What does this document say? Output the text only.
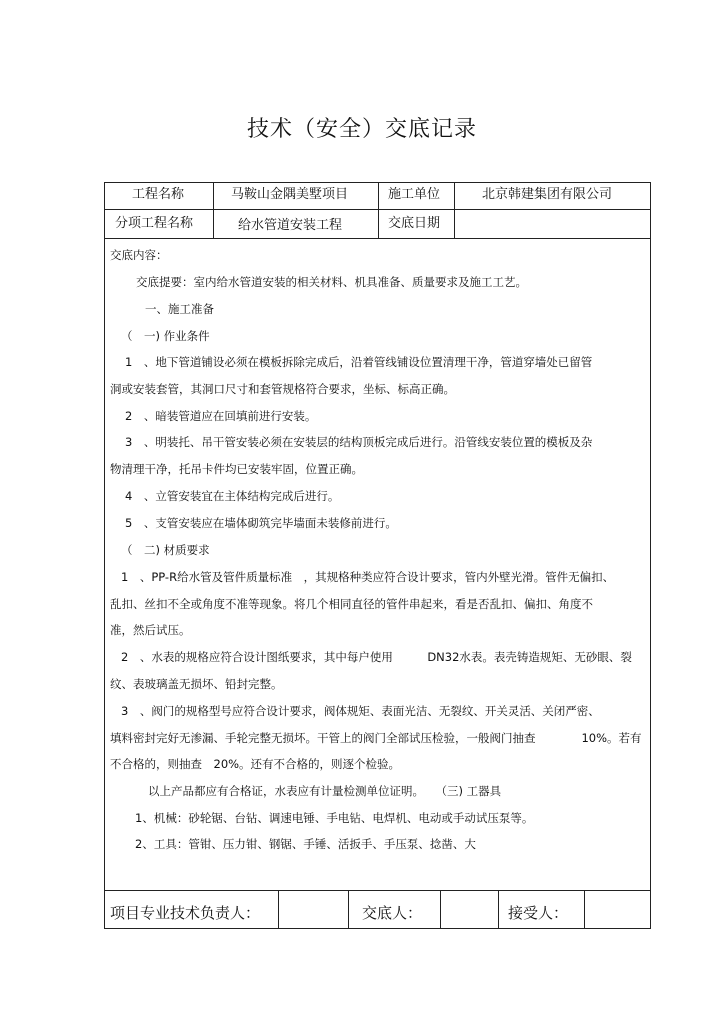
技术（安全）交底记录
工程名称	马鞍山金隅美墅项目	施工单位	北京韩建集团有限公司
分项工程名称	给水管道安装工程	交底日期
交底内容：
交底提要：室内给水管道安装的相关材料、机具准备、质量要求及施工工艺。
一、施工准备
（　一) 作业条件
1　、地下管道铺设必须在模板拆除完成后，沿着管线铺设位置清理干净，管道穿墙处已留管
洞或安装套管，其洞口尺寸和套管规格符合要求，坐标、标高正确。
2　、暗装管道应在回填前进行安装。
3　、明装托、吊干管安装必须在安装层的结构顶板完成后进行。沿管线安装位置的模板及杂
物清理干净，托吊卡件均已安装牢固，位置正确。
4　、立管安装宜在主体结构完成后进行。
5　、支管安装应在墙体砌筑完毕墙面未装修前进行。
（　二) 材质要求
1　、PP-R给水管及管件质量标准　，其规格种类应符合设计要求，管内外壁光滑。管件无偏扣、
乱扣、丝扣不全或角度不准等现象。将几个相同直径的管件串起来，看是否乱扣、偏扣、角度不
准，然后试压。
2　、水表的规格应符合设计图纸要求，其中每户使用　　　DN32水表。表壳铸造规矩、无砂眼、裂
纹、表玻璃盖无损坏、铅封完整。
3　、阀门的规格型号应符合设计要求，阀体规矩、表面光洁、无裂纹、开关灵活、关闭严密、
填料密封完好无渗漏、手轮完整无损坏。干管上的阀门全部试压检验，一般阀门抽查　　　　10%。若有
不合格的，则抽查　20%。还有不合格的，则逐个检验。
以上产品都应有合格证，水表应有计量检测单位证明。　　（三) 工器具
1、机械：砂轮锯、台钻、调速电锤、手电钻、电焊机、电动或手动试压泵等。
2、工具：管钳、压力钳、钢锯、手锤、活扳手、手压泵、捻凿、大
项目专业技术负责人：	交底人：	接受人：
